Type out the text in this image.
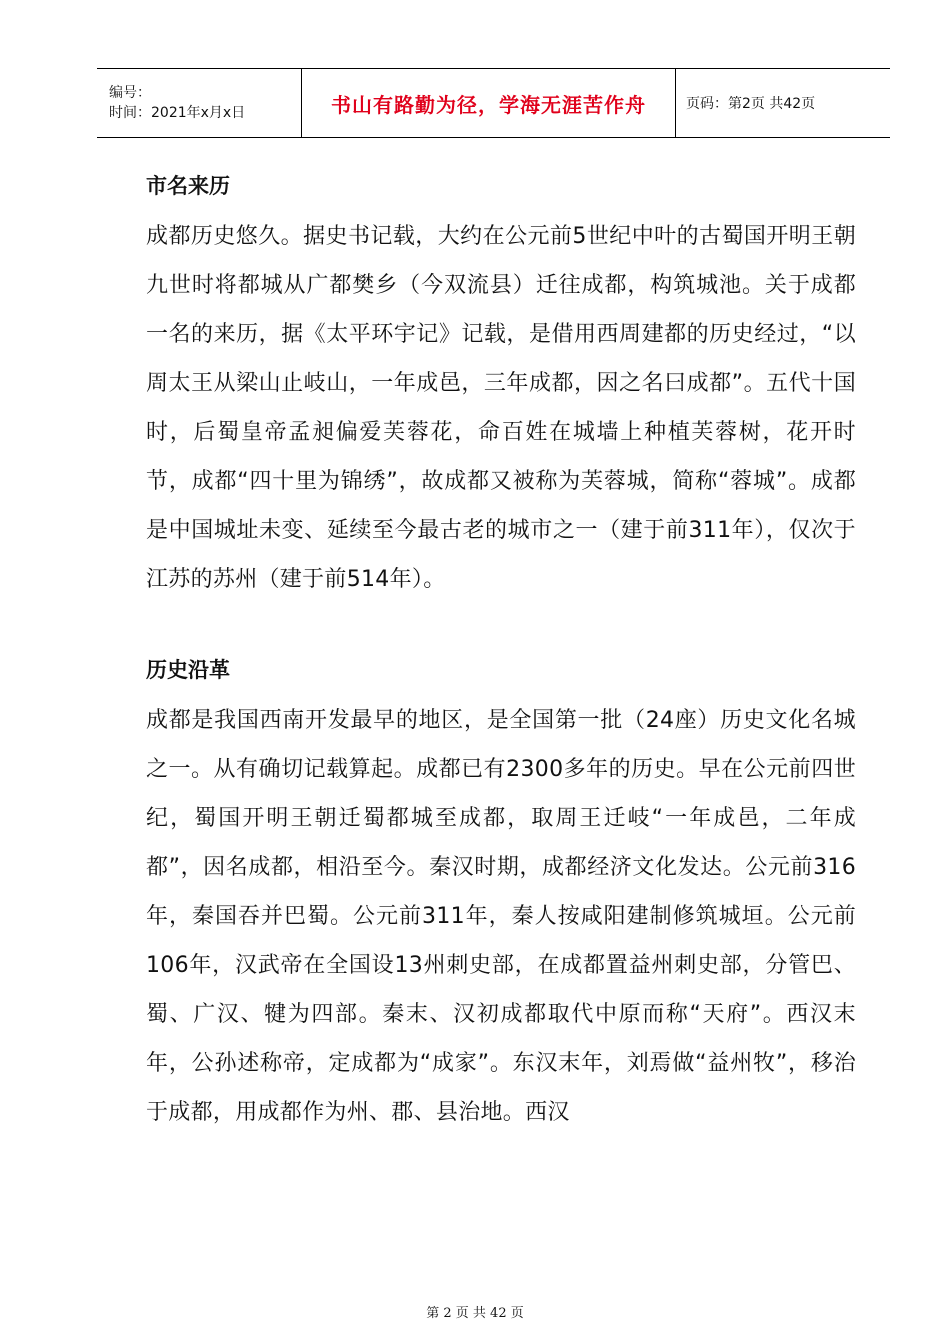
编号：
时间：2021年x月x日	书山有路勤为径，学海无涯苦作舟	页码：第2页 共42页
市名来历

成都历史悠久。据史书记载，大约在公元前5世纪中叶的古蜀国开明王朝九世时将都城从广都樊乡（今双流县）迁往成都，构筑城池。关于成都一名的来历，据《太平环宇记》记载，是借用西周建都的历史经过，“以周太王从梁山止岐山，一年成邑，三年成都，因之名曰成都”。五代十国时，后蜀皇帝孟昶偏爱芙蓉花，命百姓在城墙上种植芙蓉树，花开时节，成都“四十里为锦绣”，故成都又被称为芙蓉城，简称“蓉城”。成都是中国城址未变、延续至今最古老的城市之一（建于前311年），仅次于江苏的苏州（建于前514年）。

历史沿革

成都是我国西南开发最早的地区，是全国第一批（24座）历史文化名城之一。从有确切记载算起。成都已有2300多年的历史。早在公元前四世纪，蜀国开明王朝迁蜀都城至成都，取周王迁岐“一年成邑，二年成都”，因名成都，相沿至今。秦汉时期，成都经济文化发达。公元前316年，秦国吞并巴蜀。公元前311年，秦人按咸阳建制修筑城垣。公元前106年，汉武帝在全国设13州刺史部，在成都置益州刺史部，分管巴、蜀、广汉、犍为四部。秦末、汉初成都取代中原而称“天府”。西汉末年，公孙述称帝，定成都为“成家”。东汉末年，刘焉做“益州牧”，移治于成都，用成都作为州、郡、县治地。西汉

第 2 页 共 42 页
